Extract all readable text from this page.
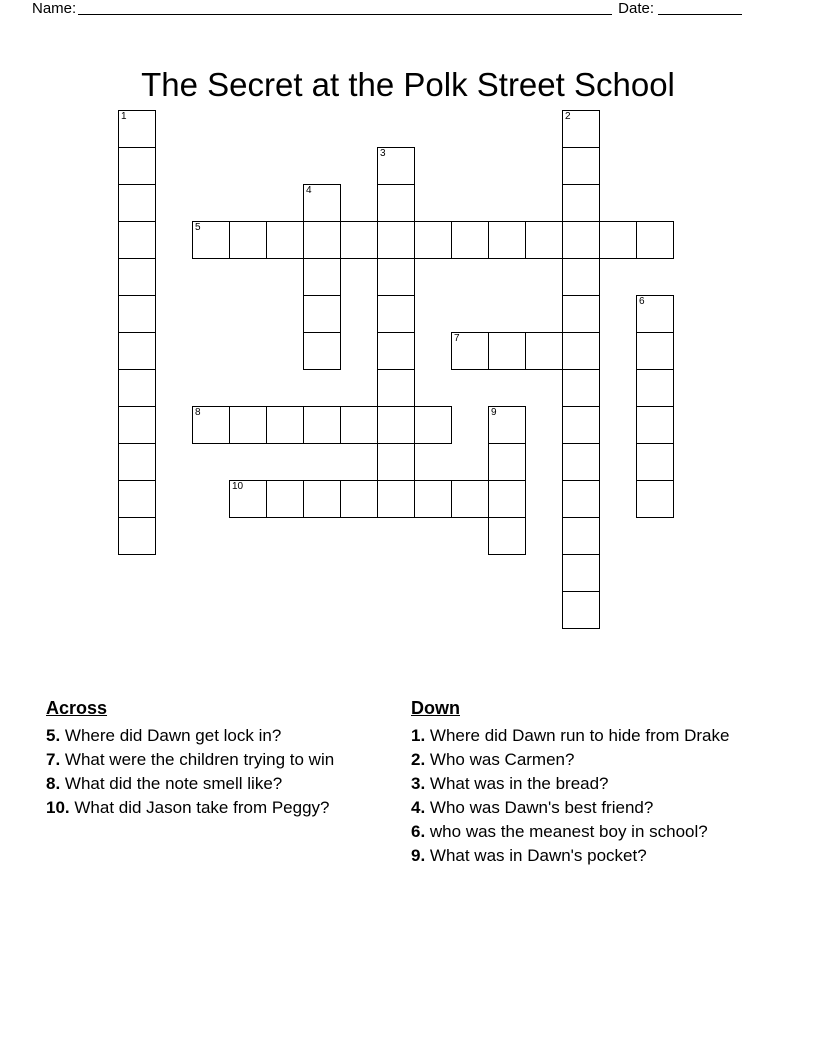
Name:	Date:
The Secret at the Polk Street School
1	2
3
4
5
6
7
8	9
10
Across
5. Where did Dawn get lock in?
7. What were the children trying to win
8. What did the note smell like?
10. What did Jason take from Peggy?
Down
1. Where did Dawn run to hide from Drake
2. Who was Carmen?
3. What was in the bread?
4. Who was Dawn's best friend?
6. who was the meanest boy in school?
9. What was in Dawn's pocket?
